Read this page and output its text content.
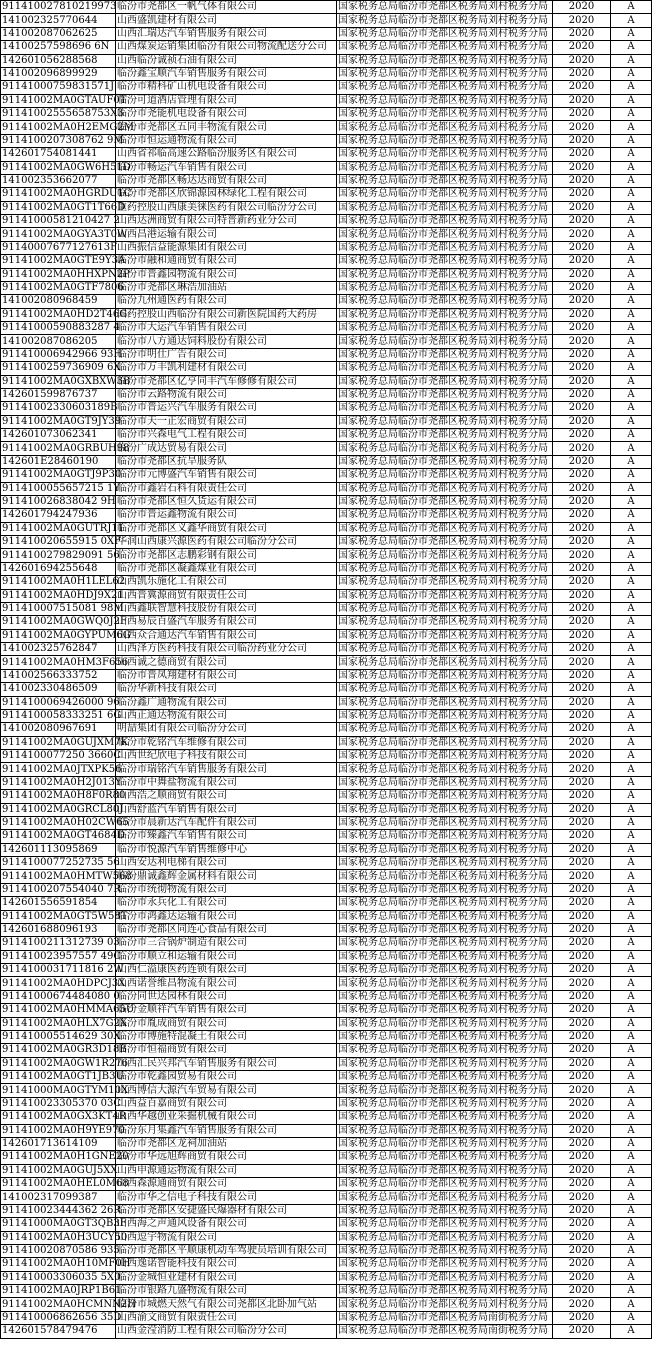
911410027810219973	临汾市尧都区一帆气体有限公司	国家税务总局临汾市尧都区税务局刘村税务分局	2020	A
141002325770644	山西盛凯建材有限公司	国家税务总局临汾市尧都区税务局刘村税务分局	2020	A
141002087062625	山西汇瑞达汽车销售服务有限公司	国家税务总局临汾市尧都区税务局刘村税务分局	2020	A
14100257598696 6N	山西煤炭运销集团临汾有限公司物流配送分公司	国家税务总局临汾市尧都区税务局刘村税务分局	2020	A
142601056288568	山西临汾诚祯石油有限公司	国家税务总局临汾市尧都区税务局刘村税务分局	2020	A
141002096899929	临汾鑫宝顺汽车销售服务有限公司	国家税务总局临汾市尧都区税务局刘村税务分局	2020	A
91141000759831571J	临汾市精科矿山机电设备有限公司	国家税务总局临汾市尧都区税务局刘村税务分局	2020	A
91141002MA0GTAUF0T	临汾可道酒店管理有限公司	国家税务总局临汾市尧都区税务局刘村税务分局	2020	A
91141002555658753X3	临汾市尧能机电设备有限公司	国家税务总局临汾市尧都区税务局刘村税务分局	2020	A
91141002MA0H2EMG2M	临汾市尧都区五同丰物流有限公司	国家税务总局临汾市尧都区税务局刘村税务分局	2020	A
9114100207308762 9M	临汾市恒运通物流有限公司	国家税务总局临汾市尧都区税务局刘村税务分局	2020	A
142601754081441	山西省祁临高速公路临汾服务区有限公司	国家税务总局临汾市尧都区税务局刘村税务分局	2020	A
91141002MA0GW6H51D	临汾市畅运汽车销售有限公司	国家税务总局临汾市尧都区税务局刘村税务分局	2020	A
141002353662077	临汾市尧都区畅达达商贸有限公司	国家税务总局临汾市尧都区税务局刘村税务分局	2020	A
91141002MA0HGRDU1C	临汾市尧都区欣锦源园林绿化工程有限公司	国家税务总局临汾市尧都区税务局刘村税务分局	2020	A
91141002MA0GT1T66D	重药控股山西康美徕医药有限公司临汾分公司	国家税务总局临汾市尧都区税务局刘村税务分局	2020	A
91141000581210427 2	山西达洲商贸有限公司特普新药业分公司	国家税务总局临汾市尧都区税务局刘村税务分局	2020	A
91141002MA0GYA3T0W	山西昌港运输有限公司	国家税务总局临汾市尧都区税务局刘村税务分局	2020	A
91140007677127613F	山西振信益能源集团有限公司	国家税务总局临汾市尧都区税务局刘村税务分局	2020	A
91141002MA0GTE9Y3A	临汾市融和通商贸有限公司	国家税务总局临汾市尧都区税务局刘村税务分局	2020	A
91141002MA0HHXPN2P	临汾市晋鑫园物流有限公司	国家税务总局临汾市尧都区税务局刘村税务分局	2020	A
91141002MA0GTF7806	临汾市尧都区琳浩加油站	国家税务总局临汾市尧都区税务局刘村税务分局	2020	A
141002080968459	临汾九州通医药有限公司	国家税务总局临汾市尧都区税务局刘村税务分局	2020	A
91141002MA0HD2T46G	国药控股山西临汾有限公司新医院国药大药房	国家税务总局临汾市尧都区税务局刘村税务分局	2020	A
91141000590883287 4	临汾市大运汽车销售有限公司	国家税务总局临汾市尧都区税务局刘村税务分局	2020	A
141002087086205	临汾市八方通达饲料股份有限公司	国家税务总局临汾市尧都区税务局刘村税务分局	2020	A
911410006942966 93H	临汾市明仕广告有限公司	国家税务总局临汾市尧都区税务局刘村税务分局	2020	A
9114100259736909 6X	临汾市万丰凯利建材有限公司	国家税务总局临汾市尧都区税务局刘村税务分局	2020	A
91141002MA0GXBXW3B	临汾市尧都区亿亨同丰汽车修修有限公司	国家税务总局临汾市尧都区税务局刘村税务分局	2020	A
142601599876737	临汾市云路物流有限公司	国家税务总局临汾市尧都区税务局刘村税务分局	2020	A
91141002330603189B	临汾市晋运兴汽车服务有限公司	国家税务总局临汾市尧都区税务局刘村税务分局	2020	A
91141002MA0GT9JY39	临汾市天一正宏商贸有限公司	国家税务总局临汾市尧都区税务局刘村税务分局	2020	A
142601073062341	临汾市兴森电气工程有限公司	国家税务总局临汾市尧都区税务局刘村税务分局	2020	A
91141002MA0GRBUH98	临汾广成达贸易有限公司	国家税务总局临汾市尧都区税务局刘村税务分局	2020	A
142601E28460190	临汾市尧都区抗旱服务队	国家税务总局临汾市尧都区税务局刘村税务分局	2020	A
91141002MA0GTJ9P30	临汾市元博盛汽车销售有限公司	国家税务总局临汾市尧都区税务局刘村税务分局	2020	A
9114100055657215 1Y	临汾市鑫岩石料有限责任公司	国家税务总局临汾市尧都区税务局刘村税务分局	2020	A
911410026838042 9H	临汾市尧都区恒久货运有限公司	国家税务总局临汾市尧都区税务局刘村税务分局	2020	A
142601794247936	临汾市晋运鑫物流有限公司	国家税务总局临汾市尧都区税务局刘村税务分局	2020	A
91141002MA0GUTRJ11	临汾市尧都区义鑫华商贸有限公司	国家税务总局临汾市尧都区税务局刘村税务分局	2020	A
911410020655915 0XF	华润山西康兴源医药有限公司临汾分公司	国家税务总局临汾市尧都区税务局刘村税务分局	2020	A
9114100279829091 56	临汾市尧都区志鹏彩钢有限公司	国家税务总局临汾市尧都区税务局刘村税务分局	2020	A
142601694255648	临汾市尧都区凝鑫煤业有限公司	国家税务总局临汾市尧都区税务局刘村税务分局	2020	A
91141002MA0H1LEL62	山西凯乐施化工有限公司	国家税务总局临汾市尧都区税务局刘村税务分局	2020	A
91141002MA0HDJ9X21	山西晋冀源商贸有限责任公司	国家税务总局临汾市尧都区税务局刘村税务分局	2020	A
911410007515081 98M	山西鑫联智慧科技股份有限公司	国家税务总局临汾市尧都区税务局刘村税务分局	2020	A
91141002MA0GWQ0J2F	山西易辰百盛汽车服务有限公司	国家税务总局临汾市尧都区税务局刘村税务分局	2020	A
91141002MA0GYPUM6G	山西众合通达汽车销售有限公司	国家税务总局临汾市尧都区税务局刘村税务分局	2020	A
141002325762847	山西泽方医药科技有限公司临汾药业分公司	国家税务总局临汾市尧都区税务局刘村税务分局	2020	A
91141002MA0HM3F656	山西诚之德商贸有限公司	国家税务总局临汾市尧都区税务局刘村税务分局	2020	A
141002566333752	临汾市晋凤翔建材有限公司	国家税务总局临汾市尧都区税务局刘村税务分局	2020	A
141002330486509	临汾华新科技有限公司	国家税务总局临汾市尧都区税务局刘村税务分局	2020	A
9114100069426000 96	临汾鑫广通物流有限公司	国家税务总局临汾市尧都区税务局刘村税务分局	2020	A
9114100058333251 6G	山西正通达物流有限公司	国家税务总局临汾市尧都区税务局刘村税务分局	2020	A
141002080967691	明喆集团有限公司临汾分公司	国家税务总局临汾市尧都区税务局刘村税务分局	2020	A
91141002MA0GUJXM7K	临汾市乾铭汽车维修有限公司	国家税务总局临汾市尧都区税务局刘村税务分局	2020	A
9114100077250 3660C	山西世纪欣电子科技有限公司	国家税务总局临汾市尧都区税务局刘村税务分局	2020	A
91141002MA0JTXPK56	临汾市瑞铭汽车销售服务有限公司	国家税务总局临汾市尧都区税务局刘村税务分局	2020	A
91141002MA0H2J013Y	临汾市中舞盐物流有限公司	国家税务总局临汾市尧都区税务局刘村税务分局	2020	A
91141002MA0H8F0R80	山西浩之顺商贸有限公司	国家税务总局临汾市尧都区税务局刘村税务分局	2020	A
91141002MA0GRCL80J	山西舒蓝汽车销售有限公司	国家税务总局临汾市尧都区税务局刘村税务分局	2020	A
91141002MA0H02CW65	临汾市晨新达汽车配件有限公司	国家税务总局临汾市尧都区税务局刘村税务分局	2020	A
91141002MA0GT4684D	临汾市臻鑫汽车销售有限公司	国家税务总局临汾市尧都区税务局刘村税务分局	2020	A
142601113095869	临汾市悦源汽车销售维修中心	国家税务总局临汾市尧都区税务局刘村税务分局	2020	A
9114100077252735 56	山西安达利电梯有限公司	国家税务总局临汾市尧都区税务局刘村税务分局	2020	A
91141002MA0HMTW568	临汾鼎诚鑫辉金属材料有限公司	国家税务总局临汾市尧都区税务局刘村税务分局	2020	A
9114100207554040 7R	临汾市统彻物流有限公司	国家税务总局临汾市尧都区税务局刘村税务分局	2020	A
142601556591854	临汾市永兵化工有限公司	国家税务总局临汾市尧都区税务局刘村税务分局	2020	A
91141002MA0GT5W58T	临汾市鸿鑫达运输有限公司	国家税务总局临汾市尧都区税务局刘村税务分局	2020	A
142601688096193	临汾市尧都区同连心食品有限公司	国家税务总局临汾市尧都区税务局刘村税务分局	2020	A
9114100211312739 03	临汾市三合锅炉制造有限公司	国家税务总局临汾市尧都区税务局刘村税务分局	2020	A
911410023957557 49C	临汾市顺立和运输有限公司	国家税务总局临汾市尧都区税务局刘村税务分局	2020	A
9114100031711816 2W	山西仁溢康医药连锁有限公司	国家税务总局临汾市尧都区税务局刘村税务分局	2020	A
91141002MA0HDPCJ3X	山西诺誉维昌物流有限公司	国家税务总局临汾市尧都区税务局刘村税务分局	2020	A
91141000674484080 0	临汾同世达园林有限公司	国家税务总局临汾市尧都区税务局刘村税务分局	2020	A
91141002MA0HMMA65U	临汾金顺祥汽车销售有限公司	国家税务总局临汾市尧都区税务局刘村税务分局	2020	A
91141002MA0HLX7G2X	临汾市胤成商贸有限公司	国家税务总局临汾市尧都区税务局刘村税务分局	2020	A
911410005514629 30X	临汾市博施特混凝土有限公司	国家税务总局临汾市尧都区税务局刘村税务分局	2020	A
91141002MA0GR3D18B	临汾市恒福商贸有限公司	国家税务总局临汾市尧都区税务局刘村税务分局	2020	A
91141002MA0GW1R276	山西汇民兴邦汽车销售服务有限公司	国家税务总局临汾市尧都区税务局刘村税务分局	2020	A
91141002MA0GT1JB3U	临汾市乾鑫园贸易有限公司	国家税务总局临汾市尧都区税务局刘村税务分局	2020	A
91141000MA0GTYM10X	山西博信大源汽车贸易有限公司	国家税务总局临汾市尧都区税务局刘村税务分局	2020	A
911410023305370 03C	山西益百嘉商贸有限公司	国家税务总局临汾市尧都区税务局刘村税务分局	2020	A
91141002MA0GX3KT4R	山西华越创业采掘机械有限公司	国家税务总局临汾市尧都区税务局刘村税务分局	2020	A
91141002MA0H9YE970	临汾东月集鑫汽车销售服务有限公司	国家税务总局临汾市尧都区税务局刘村税务分局	2020	A
142601713614109	临汾市尧都区龙祠加油站	国家税务总局临汾市尧都区税务局刘村税务分局	2020	A
91141002MA0H1GNE20	临汾市华远旭辉商贸有限公司	国家税务总局临汾市尧都区税务局刘村税务分局	2020	A
91141002MA0GUJ5XX	山西申源通运物流有限公司	国家税务总局临汾市尧都区税务局刘村税务分局	2020	A
91141002MA0HEL0M68	山西森源通商贸有限公司	国家税务总局临汾市尧都区税务局刘村税务分局	2020	A
141002317099387	临汾市华之信电子科技有限公司	国家税务总局临汾市尧都区税务局刘村税务分局	2020	A
911410023444362 26R	临汾市尧都区安捷盛民爆器材有限公司	国家税务总局临汾市尧都区税务局刘村税务分局	2020	A
91141000MA0GT3QB3F	山西海之声通风设备有限公司	国家税务总局临汾市尧都区税务局刘村税务分局	2020	A
91141002MA0H3UCY50	山西逗宇物流有限公司	国家税务总局临汾市尧都区税务局刘村税务分局	2020	A
911410020870586 935	临汾市尧都区平顺康机动车驾驶员培训有限公司	国家税务总局临汾市尧都区税务局刘村税务分局	2020	A
91141002MA0H10MF0H	山西逸诺智能科技有限公司	国家税务总局临汾市尧都区税务局刘村税务分局	2020	A
911410003306035 5X0	临汾金城恒业建材有限公司	国家税务总局临汾市尧都区税务局刘村税务分局	2020	A
91141002MA0JRP1B61	临汾市银路九盛物流有限公司	国家税务总局临汾市尧都区税务局刘村税务分局	2020	A
91141002MA0HCMNN2H	临汾市城燃天然气有限公司尧都区北卧加气站	国家税务总局临汾市尧都区税务局刘村税务分局	2020	A
911410006862656 35D	山西渝文商贸有限责任公司	国家税务总局临汾市尧都区税务局南街税务分局	2020	A
142601578479476	山西金滢消防工程有限公司临汾分公司	国家税务总局临汾市尧都区税务局南街税务分局	2020	A
